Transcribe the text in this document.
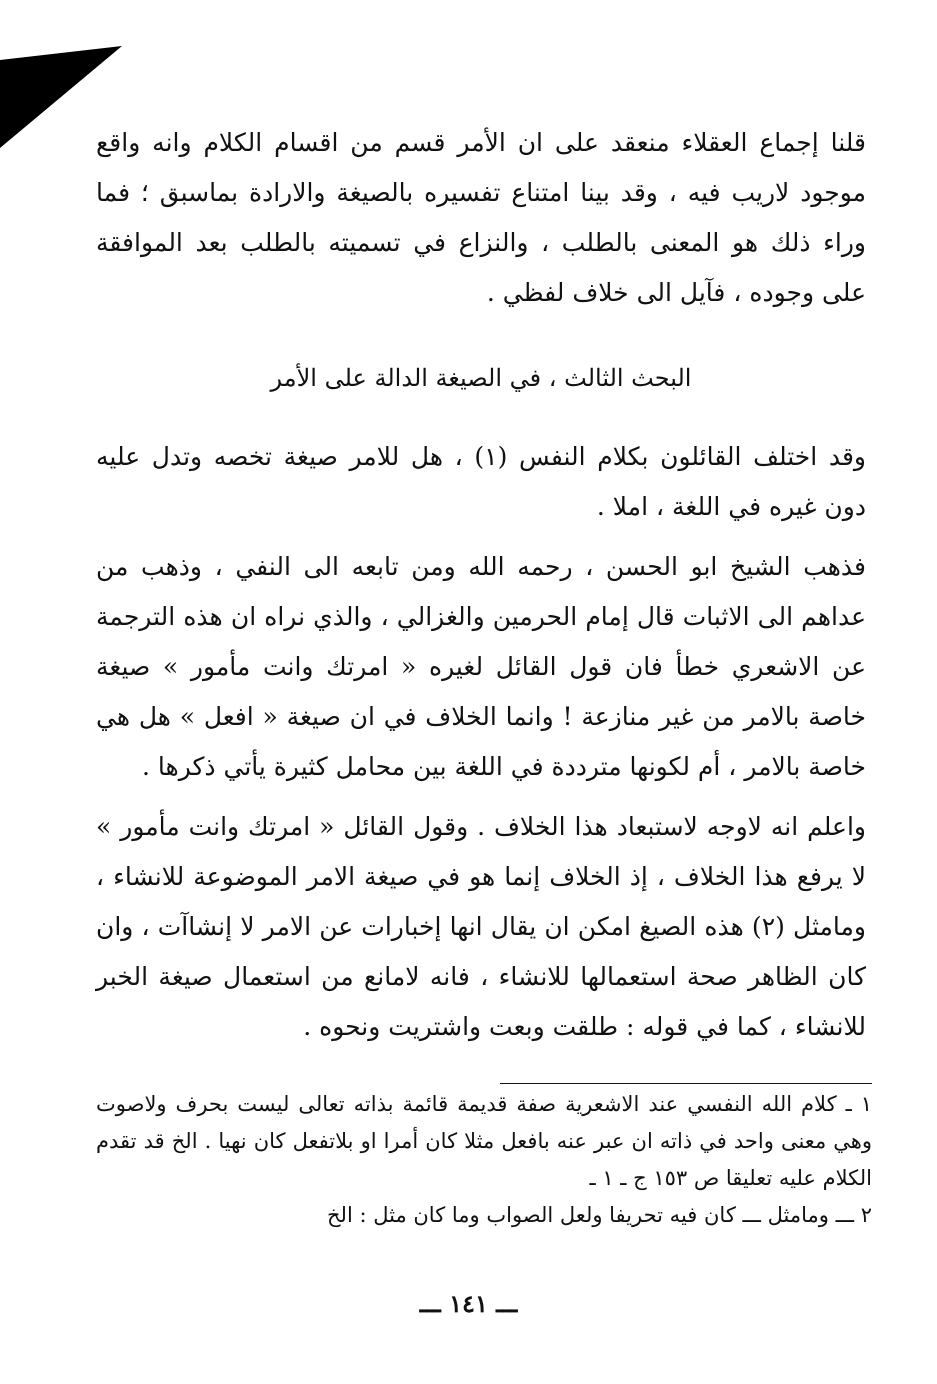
قلنا إجماع العقلاء منعقد على ان الأمر قسم من اقسام الكلام وانه واقع موجود لاريب فيه ، وقد بينا امتناع تفسيره بالصيغة والارادة بماسبق ؛ فما وراء ذلك هو المعنى بالطلب ، والنزاع في تسميته بالطلب بعد الموافقة على وجوده ، فآيل الى خلاف لفظي .

البحث الثالث ، في الصيغة الدالة على الأمر

وقد اختلف القائلون بكلام النفس (١) ، هل للامر صيغة تخصه وتدل عليه دون غيره في اللغة ، املا .

فذهب الشيخ ابو الحسن ، رحمه الله ومن تابعه الى النفي ، وذهب من عداهم الى الاثبات قال إمام الحرمين والغزالي ، والذي نراه ان هذه الترجمة عن الاشعري خطأ فان قول القائل لغيره « امرتك وانت مأمور » صيغة خاصة بالامر من غير منازعة ! وانما الخلاف في ان صيغة « افعل » هل هي خاصة بالامر ، أم لكونها مترددة في اللغة بين محامل كثيرة يأتي ذكرها .

واعلم انه لاوجه لاستبعاد هذا الخلاف . وقول القائل « امرتك وانت مأمور » لا يرفع هذا الخلاف ، إذ الخلاف إنما هو في صيغة الامر الموضوعة للانشاء ، ومامثل (٢) هذه الصيغ امكن ان يقال انها إخبارات عن الامر لا إنشاآت ، وان كان الظاهر صحة استعمالها للانشاء ، فانه لامانع من استعمال صيغة الخبر للانشاء ، كما في قوله : طلقت وبعت واشتريت ونحوه .

١ ـ كلام الله النفسي عند الاشعرية صفة قديمة قائمة بذاته تعالى ليست بحرف ولاصوت وهي معنى واحد في ذاته ان عبر عنه بافعل مثلا كان أمرا او بلاتفعل كان نهيا . الخ قد تقدم الكلام عليه تعليقا ص ١٥٣ ج ـ ١ ـ

٢ ـــ ومامثل ـــ كان فيه تحريفا ولعل الصواب وما كان مثل : الخ

ـــ ١٤١ ـــ
